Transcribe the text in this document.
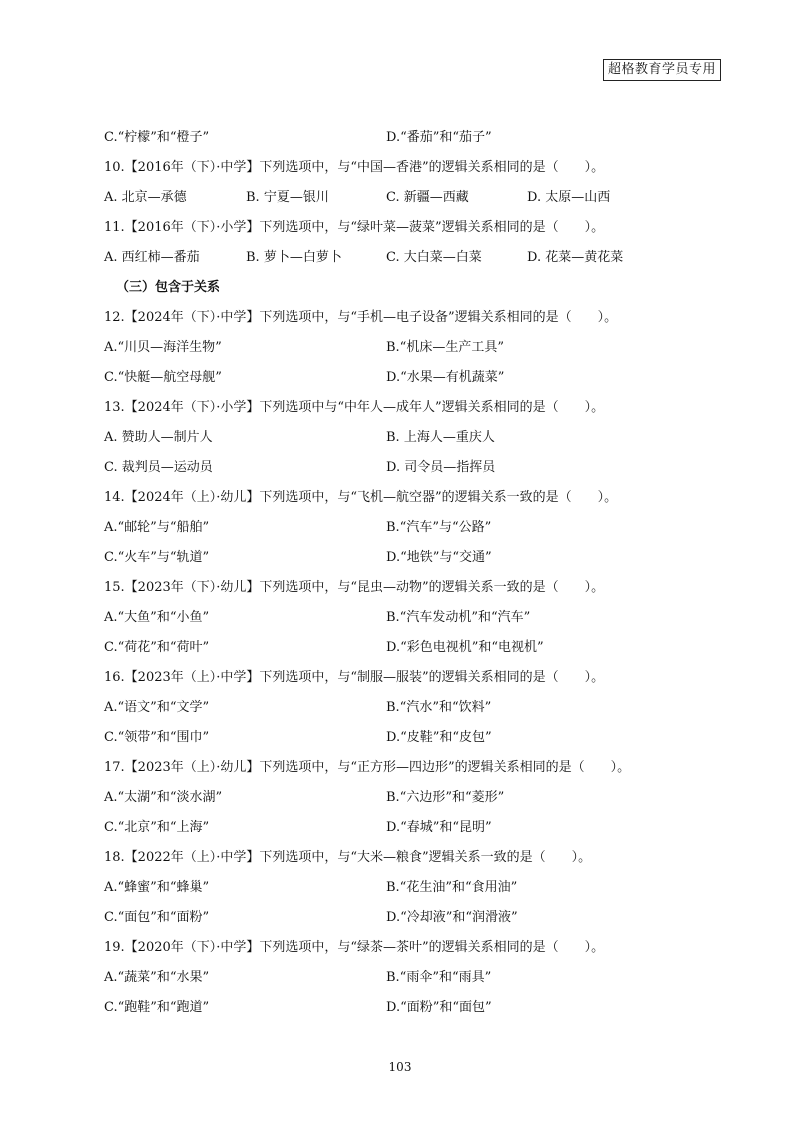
超格教育学员专用
C.“柠檬”和“橙子”	D.“番茄”和“茄子”
10.【2016年（下）·中学】下列选项中，与“中国—香港”的逻辑关系相同的是（　　）。
A. 北京—承德	B. 宁夏—银川	C. 新疆—西藏	D. 太原—山西
11.【2016年（下）·小学】下列选项中，与“绿叶菜—菠菜”逻辑关系相同的是（　　）。
A. 西红柿—番茄	B. 萝卜—白萝卜	C. 大白菜—白菜	D. 花菜—黄花菜
（三）包含于关系
12.【2024年（下）·中学】下列选项中，与“手机—电子设备”逻辑关系相同的是（　　）。
A.“川贝—海洋生物”	B.“机床—生产工具”
C.“快艇—航空母舰”	D.“水果—有机蔬菜”
13.【2024年（下）·小学】下列选项中与“中年人—成年人”逻辑关系相同的是（　　）。
A. 赞助人—制片人	B. 上海人—重庆人
C. 裁判员—运动员	D. 司令员—指挥员
14.【2024年（上）·幼儿】下列选项中，与“飞机—航空器”的逻辑关系一致的是（　　）。
A.“邮轮”与“船舶”	B.“汽车”与“公路”
C.“火车”与“轨道”	D.“地铁”与“交通”
15.【2023年（下）·幼儿】下列选项中，与“昆虫—动物”的逻辑关系一致的是（　　）。
A.“大鱼”和“小鱼”	B.“汽车发动机”和“汽车”
C.“荷花”和“荷叶”	D.“彩色电视机”和“电视机”
16.【2023年（上）·中学】下列选项中，与“制服—服装”的逻辑关系相同的是（　　）。
A.“语文”和“文学”	B.“汽水”和“饮料”
C.“领带”和“围巾”	D.“皮鞋”和“皮包”
17.【2023年（上）·幼儿】下列选项中，与“正方形—四边形”的逻辑关系相同的是（　　）。
A.“太湖”和“淡水湖”	B.“六边形”和“菱形”
C.“北京”和“上海”	D.“春城”和“昆明”
18.【2022年（上）·中学】下列选项中，与“大米—粮食”逻辑关系一致的是（　　）。
A.“蜂蜜”和“蜂巢”	B.“花生油”和“食用油”
C.“面包”和“面粉”	D.“冷却液”和“润滑液”
19.【2020年（下）·中学】下列选项中，与“绿茶—茶叶”的逻辑关系相同的是（　　）。
A.“蔬菜”和“水果”	B.“雨伞”和“雨具”
C.“跑鞋”和“跑道”	D.“面粉”和“面包”
103
